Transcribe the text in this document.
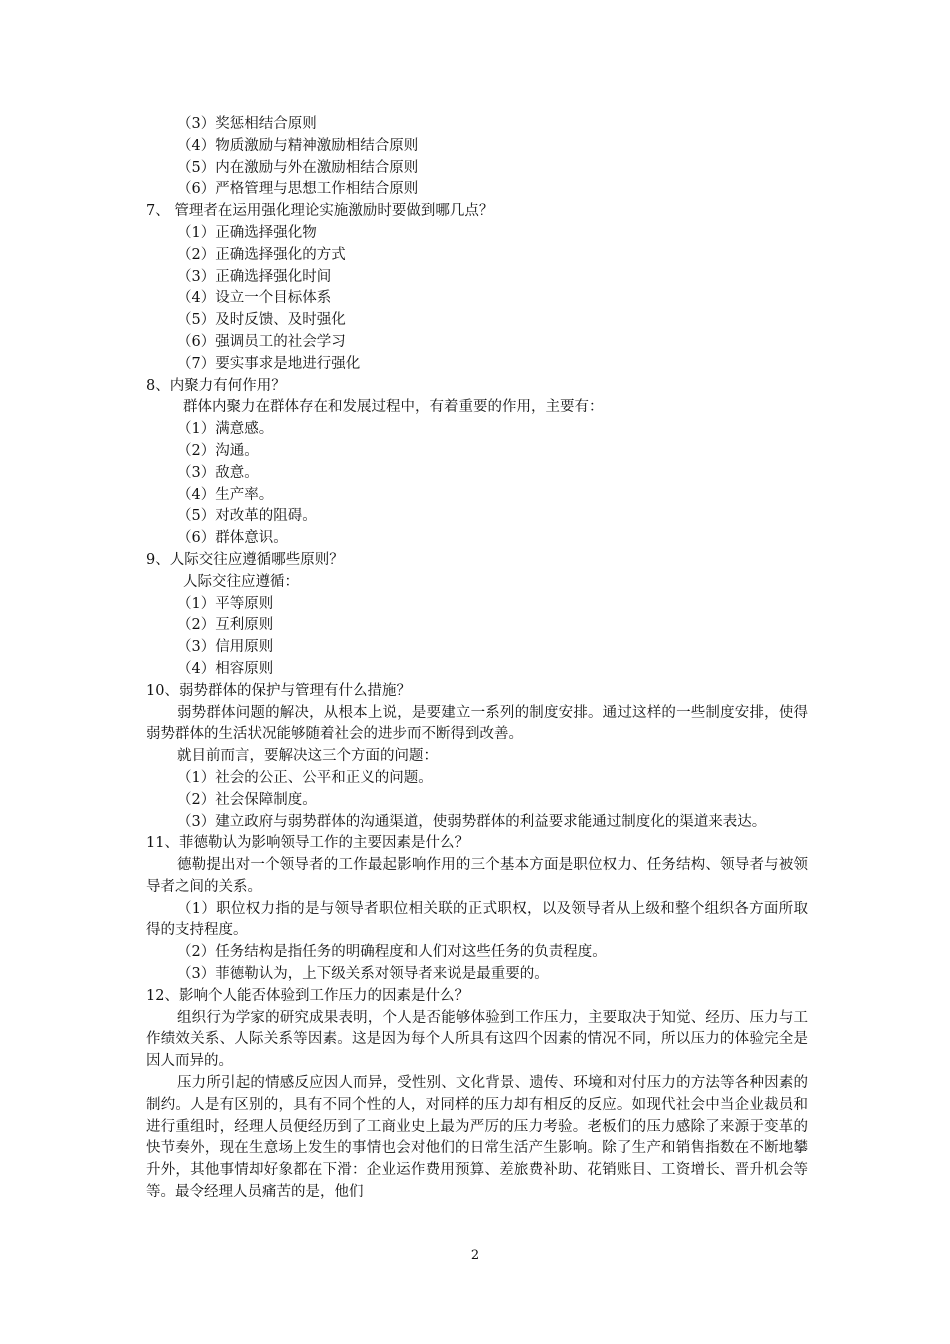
（3）奖惩相结合原则
（4）物质激励与精神激励相结合原则
（5）内在激励与外在激励相结合原则
（6）严格管理与思想工作相结合原则
7、 管理者在运用强化理论实施激励时要做到哪几点？
（1）正确选择强化物
（2）正确选择强化的方式
（3）正确选择强化时间
（4）设立一个目标体系
（5）及时反馈、及时强化
（6）强调员工的社会学习
（7）要实事求是地进行强化
8、内聚力有何作用？
群体内聚力在群体存在和发展过程中，有着重要的作用，主要有：
（1）满意感。
（2）沟通。
（3）敌意。
（4）生产率。
（5）对改革的阻碍。
（6）群体意识。
9、人际交往应遵循哪些原则？
人际交往应遵循：
（1）平等原则
（2）互利原则
（3）信用原则
（4）相容原则
10、弱势群体的保护与管理有什么措施？
弱势群体问题的解决，从根本上说，是要建立一系列的制度安排。通过这样的一些制度安排，使得弱势群体的生活状况能够随着社会的进步而不断得到改善。
就目前而言，要解决这三个方面的问题：
（1）社会的公正、公平和正义的问题。
（2）社会保障制度。
（3）建立政府与弱势群体的沟通渠道，使弱势群体的利益要求能通过制度化的渠道来表达。
11、菲德勒认为影响领导工作的主要因素是什么？
德勒提出对一个领导者的工作最起影响作用的三个基本方面是职位权力、任务结构、领导者与被领导者之间的关系。
（1）职位权力指的是与领导者职位相关联的正式职权，以及领导者从上级和整个组织各方面所取得的支持程度。
（2）任务结构是指任务的明确程度和人们对这些任务的负责程度。
（3）菲德勒认为，上下级关系对领导者来说是最重要的。
12、影响个人能否体验到工作压力的因素是什么？
组织行为学家的研究成果表明，个人是否能够体验到工作压力，主要取决于知觉、经历、压力与工作绩效关系、人际关系等因素。这是因为每个人所具有这四个因素的情况不同，所以压力的体验完全是因人而异的。
压力所引起的情感反应因人而异，受性别、文化背景、遗传、环境和对付压力的方法等各种因素的制约。人是有区别的，具有不同个性的人，对同样的压力却有相反的反应。如现代社会中当企业裁员和进行重组时，经理人员便经历到了工商业史上最为严厉的压力考验。老板们的压力感除了来源于变革的快节奏外，现在生意场上发生的事情也会对他们的日常生活产生影响。除了生产和销售指数在不断地攀升外，其他事情却好象都在下滑：企业运作费用预算、差旅费补助、花销账目、工资增长、晋升机会等等。最令经理人员痛苦的是，他们
2
